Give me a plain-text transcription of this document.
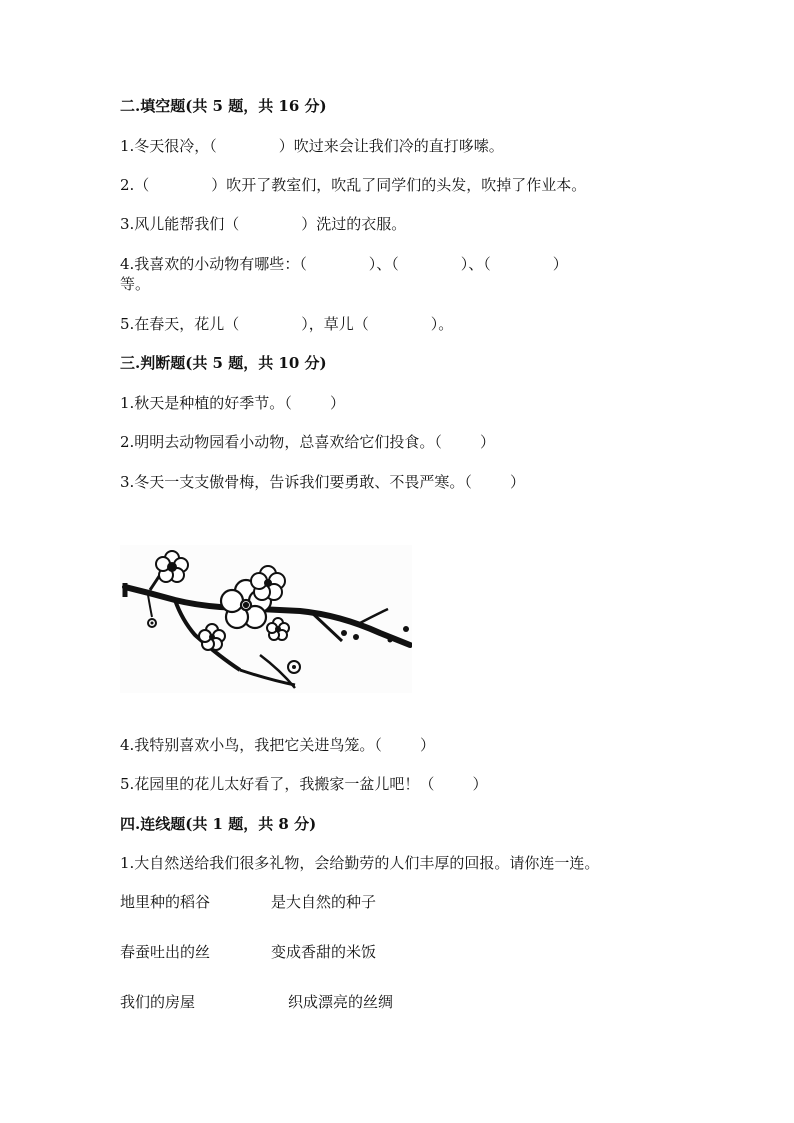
二.填空题(共 5 题，共 16 分)
1.冬天很冷，（             ）吹过来会让我们冷的直打哆嗦。
2.（             ）吹开了教室们，吹乱了同学们的头发，吹掉了作业本。
3.风儿能帮我们（             ）洗过的衣服。
4.我喜欢的小动物有哪些：（             ）、（             ）、（             ）
等。
5.在春天，花儿（             ），草儿（             ）。
三.判断题(共 5 题，共 10 分)
1.秋天是种植的好季节。（        ）
2.明明去动物园看小动物，总喜欢给它们投食。（        ）
3.冬天一支支傲骨梅，告诉我们要勇敢、不畏严寒。（        ）
4.我特别喜欢小鸟，我把它关进鸟笼。（        ）
5.花园里的花儿太好看了，我搬家一盆儿吧！（        ）
四.连线题(共 1 题，共 8 分)
1.大自然送给我们很多礼物，会给勤劳的人们丰厚的回报。请你连一连。
地里种的稻谷	是大自然的种子
春蚕吐出的丝	变成香甜的米饭
我们的房屋	织成漂亮的丝绸
